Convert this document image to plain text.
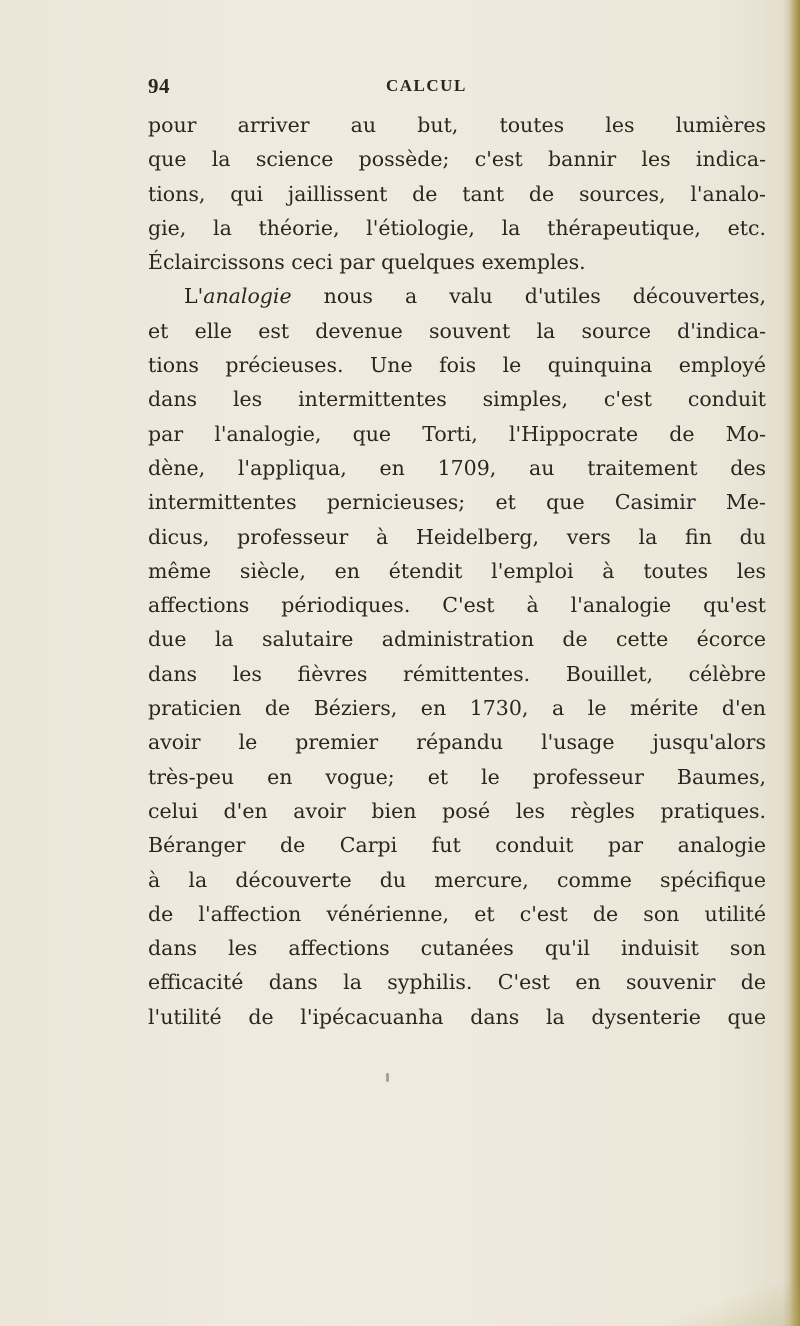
94	CALCUL
pour arriver au but, toutes les lumières
que la science possède; c'est bannir les indica-
tions, qui jaillissent de tant de sources, l'analo-
gie, la théorie, l'étiologie, la thérapeutique, etc.
Éclaircissons ceci par quelques exemples.
L'analogie nous a valu d'utiles découvertes,
et elle est devenue souvent la source d'indica-
tions précieuses. Une fois le quinquina employé
dans les intermittentes simples, c'est conduit
par l'analogie, que Torti, l'Hippocrate de Mo-
dène, l'appliqua, en 1709, au traitement des
intermittentes pernicieuses; et que Casimir Me-
dicus, professeur à Heidelberg, vers la fin du
même siècle, en étendit l'emploi à toutes les
affections périodiques. C'est à l'analogie qu'est
due la salutaire administration de cette écorce
dans les fièvres rémittentes. Bouillet, célèbre
praticien de Béziers, en 1730, a le mérite d'en
avoir le premier répandu l'usage jusqu'alors
très-peu en vogue; et le professeur Baumes,
celui d'en avoir bien posé les règles pratiques.
Béranger de Carpi fut conduit par analogie
à la découverte du mercure, comme spécifique
de l'affection vénérienne, et c'est de son utilité
dans les affections cutanées qu'il induisit son
efficacité dans la syphilis. C'est en souvenir de
l'utilité de l'ipécacuanha dans la dysenterie que
